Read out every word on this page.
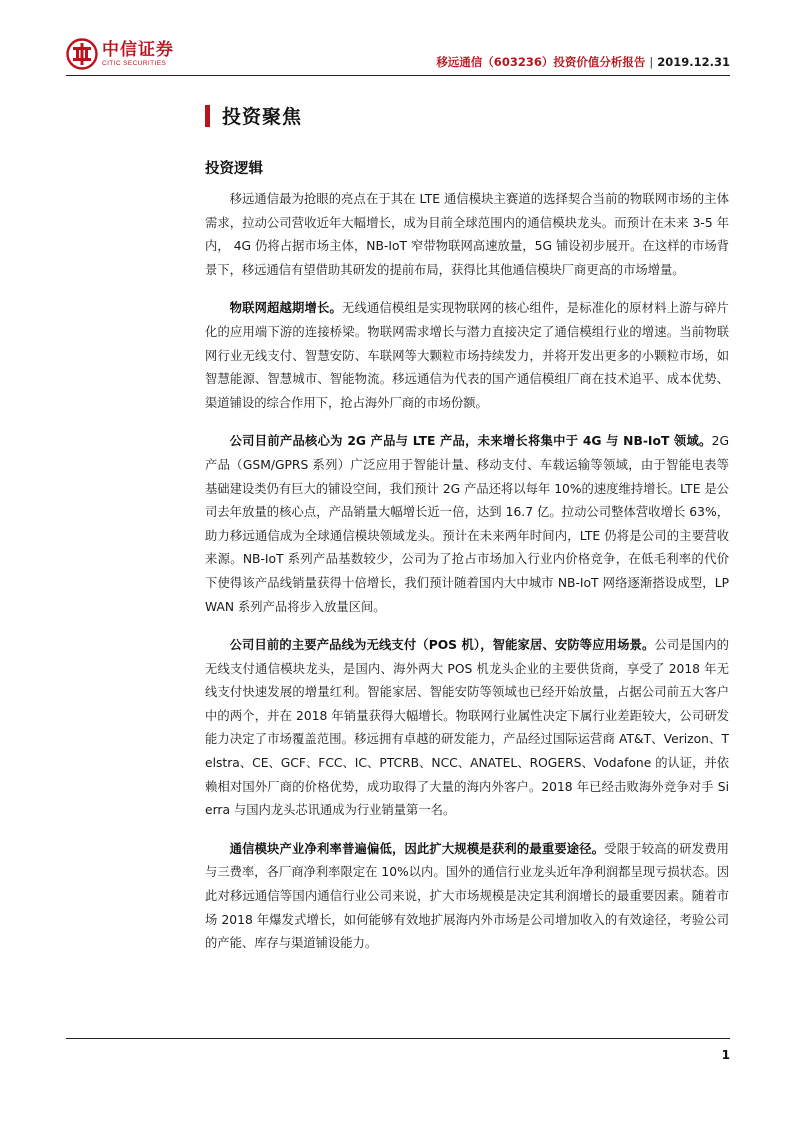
中信证券
CITIC SECURITIES	移远通信（603236）投资价值分析报告 | 2019.12.31
投资聚焦
投资逻辑

移远通信最为抢眼的亮点在于其在 LTE 通信模块主赛道的选择契合当前的物联网市场的主体需求，拉动公司营收近年大幅增长，成为目前全球范围内的通信模块龙头。而预计在未来 3-5 年内， 4G 仍将占据市场主体，NB-IoT 窄带物联网高速放量，5G 铺设初步展开。在这样的市场背景下，移远通信有望借助其研发的提前布局，获得比其他通信模块厂商更高的市场增量。

物联网超越期增长。无线通信模组是实现物联网的核心组件，是标准化的原材料上游与碎片化的应用端下游的连接桥梁。物联网需求增长与潜力直接决定了通信模组行业的增速。当前物联网行业无线支付、智慧安防、车联网等大颗粒市场持续发力，并将开发出更多的小颗粒市场，如智慧能源、智慧城市、智能物流。移远通信为代表的国产通信模组厂商在技术追平、成本优势、渠道铺设的综合作用下，抢占海外厂商的市场份额。

公司目前产品核心为 2G 产品与 LTE 产品，未来增长将集中于 4G 与 NB-IoT 领域。2G 产品（GSM/GPRS 系列）广泛应用于智能计量、移动支付、车载运输等领域，由于智能电表等基础建设类仍有巨大的铺设空间，我们预计 2G 产品还将以每年 10%的速度维持增长。LTE 是公司去年放量的核心点，产品销量大幅增长近一倍，达到 16.7 亿。拉动公司整体营收增长 63%，助力移远通信成为全球通信模块领域龙头。预计在未来两年时间内，LTE 仍将是公司的主要营收来源。NB-IoT 系列产品基数较少，公司为了抢占市场加入行业内价格竞争，在低毛利率的代价下使得该产品线销量获得十倍增长，我们预计随着国内大中城市 NB-IoT 网络逐渐搭设成型，LPWAN 系列产品将步入放量区间。

公司目前的主要产品线为无线支付（POS 机），智能家居、安防等应用场景。公司是国内的无线支付通信模块龙头，是国内、海外两大 POS 机龙头企业的主要供货商，享受了 2018 年无线支付快速发展的增量红利。智能家居、智能安防等领域也已经开始放量，占据公司前五大客户中的两个，并在 2018 年销量获得大幅增长。物联网行业属性决定下属行业差距较大，公司研发能力决定了市场覆盖范围。移远拥有卓越的研发能力，产品经过国际运营商 AT&T、Verizon、Telstra、CE、GCF、FCC、IC、PTCRB、NCC、ANATEL、ROGERS、Vodafone 的认证，并依赖相对国外厂商的价格优势，成功取得了大量的海内外客户。2018 年已经击败海外竞争对手 Sierra 与国内龙头芯讯通成为行业销量第一名。

通信模块产业净利率普遍偏低，因此扩大规模是获利的最重要途径。受限于较高的研发费用与三费率，各厂商净利率限定在 10%以内。国外的通信行业龙头近年净利润都呈现亏损状态。因此对移远通信等国内通信行业公司来说，扩大市场规模是决定其利润增长的最重要因素。随着市场 2018 年爆发式增长，如何能够有效地扩展海内外市场是公司增加收入的有效途径，考验公司的产能、库存与渠道铺设能力。

1
